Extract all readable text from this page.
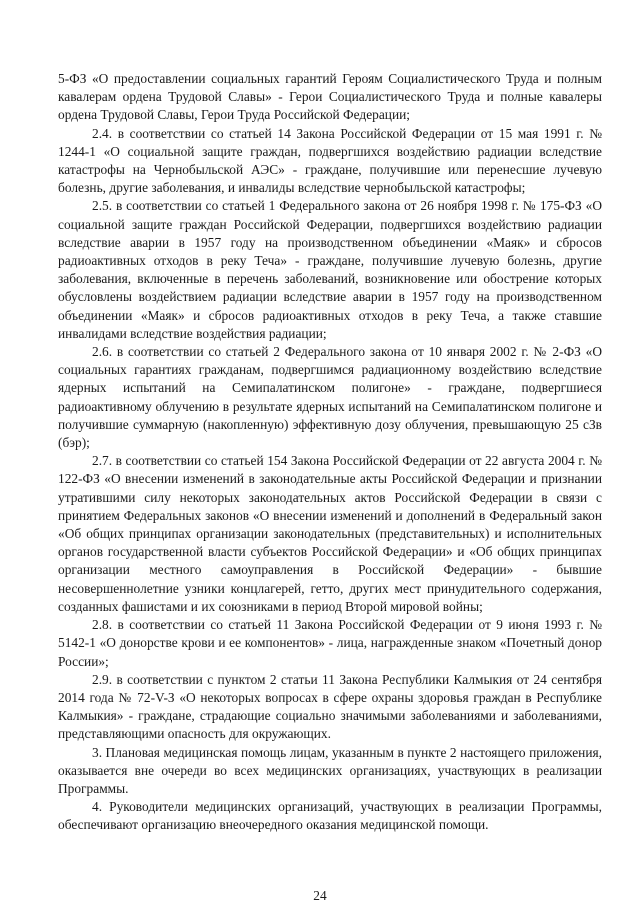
5-ФЗ «О предоставлении социальных гарантий Героям Социалистического Труда и полным кавалерам ордена Трудовой Славы» - Герои Социалистического Труда и полные кавалеры ордена Трудовой Славы, Герои Труда Российской Федерации;

2.4. в соответствии со статьей 14 Закона Российской Федерации от 15 мая 1991 г. № 1244-1 «О социальной защите граждан, подвергшихся воздействию радиации вследствие катастрофы на Чернобыльской АЭС» - граждане, получившие или перенесшие лучевую болезнь, другие заболевания, и инвалиды вследствие чернобыльской катастрофы;

2.5. в соответствии со статьей 1 Федерального закона от 26 ноября 1998 г. № 175-ФЗ «О социальной защите граждан Российской Федерации, подвергшихся воздействию радиации вследствие аварии в 1957 году на производственном объединении «Маяк» и сбросов радиоактивных отходов в реку Теча» - граждане, получившие лучевую болезнь, другие заболевания, включенные в перечень заболеваний, возникновение или обострение которых обусловлены воздействием радиации вследствие аварии в 1957 году на производственном объединении «Маяк» и сбросов радиоактивных отходов в реку Теча, а также ставшие инвалидами вследствие воздействия радиации;

2.6. в соответствии со статьей 2 Федерального закона от 10 января 2002 г. № 2-ФЗ «О социальных гарантиях гражданам, подвергшимся радиационному воздействию вследствие ядерных испытаний на Семипалатинском полигоне» - граждане, подвергшиеся радиоактивному облучению в результате ядерных испытаний на Семипалатинском полигоне и получившие суммарную (накопленную) эффективную дозу облучения, превышающую 25 сЗв (бэр);

2.7. в соответствии со статьей 154 Закона Российской Федерации от 22 августа 2004 г. № 122-ФЗ «О внесении изменений в законодательные акты Российской Федерации и признании утратившими силу некоторых законодательных актов Российской Федерации в связи с принятием Федеральных законов «О внесении изменений и дополнений в Федеральный закон «Об общих принципах организации законодательных (представительных) и исполнительных органов государственной власти субъектов Российской Федерации» и «Об общих принципах организации местного самоуправления в Российской Федерации» - бывшие несовершеннолетние узники концлагерей, гетто, других мест принудительного содержания, созданных фашистами и их союзниками в период Второй мировой войны;

2.8. в соответствии со статьей 11 Закона Российской Федерации от 9 июня 1993 г. № 5142-1 «О донорстве крови и ее компонентов» - лица, награжденные знаком «Почетный донор России»;

2.9. в соответствии с пунктом 2 статьи 11 Закона Республики Калмыкия от 24 сентября 2014 года № 72-V-З «О некоторых вопросах в сфере охраны здоровья граждан в Республике Калмыкия» - граждане, страдающие социально значимыми заболеваниями и заболеваниями, представляющими опасность для окружающих.

3. Плановая медицинская помощь лицам, указанным в пункте 2 настоящего приложения, оказывается вне очереди во всех медицинских организациях, участвующих в реализации Программы.

4. Руководители медицинских организаций, участвующих в реализации Программы, обеспечивают организацию внеочередного оказания медицинской помощи.

24
